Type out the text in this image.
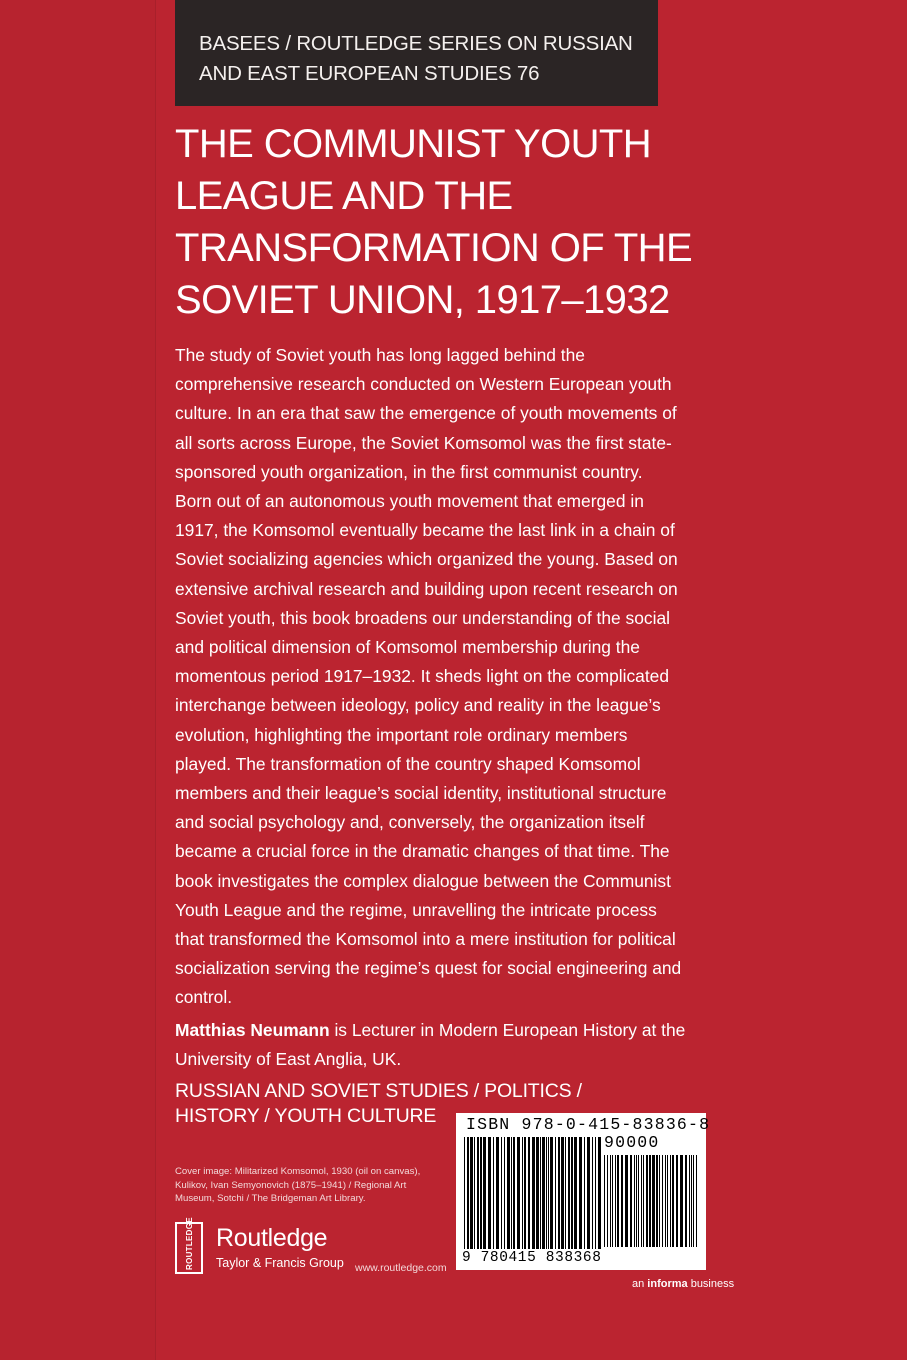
BASEES / ROUTLEDGE SERIES ON RUSSIAN
AND EAST EUROPEAN STUDIES 76
THE COMMUNIST YOUTH
LEAGUE AND THE
TRANSFORMATION OF THE
SOVIET UNION, 1917–1932
The study of Soviet youth has long lagged behind the
comprehensive research conducted on Western European youth
culture. In an era that saw the emergence of youth movements of
all sorts across Europe, the Soviet Komsomol was the first state-
sponsored youth organization, in the first communist country.
Born out of an autonomous youth movement that emerged in
1917, the Komsomol eventually became the last link in a chain of
Soviet socializing agencies which organized the young. Based on
extensive archival research and building upon recent research on
Soviet youth, this book broadens our understanding of the social
and political dimension of Komsomol membership during the
momentous period 1917–1932. It sheds light on the complicated
interchange between ideology, policy and reality in the league’s
evolution, highlighting the important role ordinary members
played. The transformation of the country shaped Komsomol
members and their league’s social identity, institutional structure
and social psychology and, conversely, the organization itself
became a crucial force in the dramatic changes of that time. The
book investigates the complex dialogue between the Communist
Youth League and the regime, unravelling the intricate process
that transformed the Komsomol into a mere institution for political
socialization serving the regime’s quest for social engineering and
control.
Matthias Neumann is Lecturer in Modern European History at the
University of East Anglia, UK.
RUSSIAN AND SOVIET STUDIES / POLITICS /
HISTORY / YOUTH CULTURE
Cover image: Militarized Komsomol, 1930 (oil on canvas),
Kulikov, Ivan Semyonovich (1875–1941) / Regional Art
Museum, Sotchi / The Bridgeman Art Library.
ROUTLEDGE Routledge
Taylor & Francis Group www.routledge.com
ISBN 978-0-415-83836-8
90000
9 780415 838368
an informa business
